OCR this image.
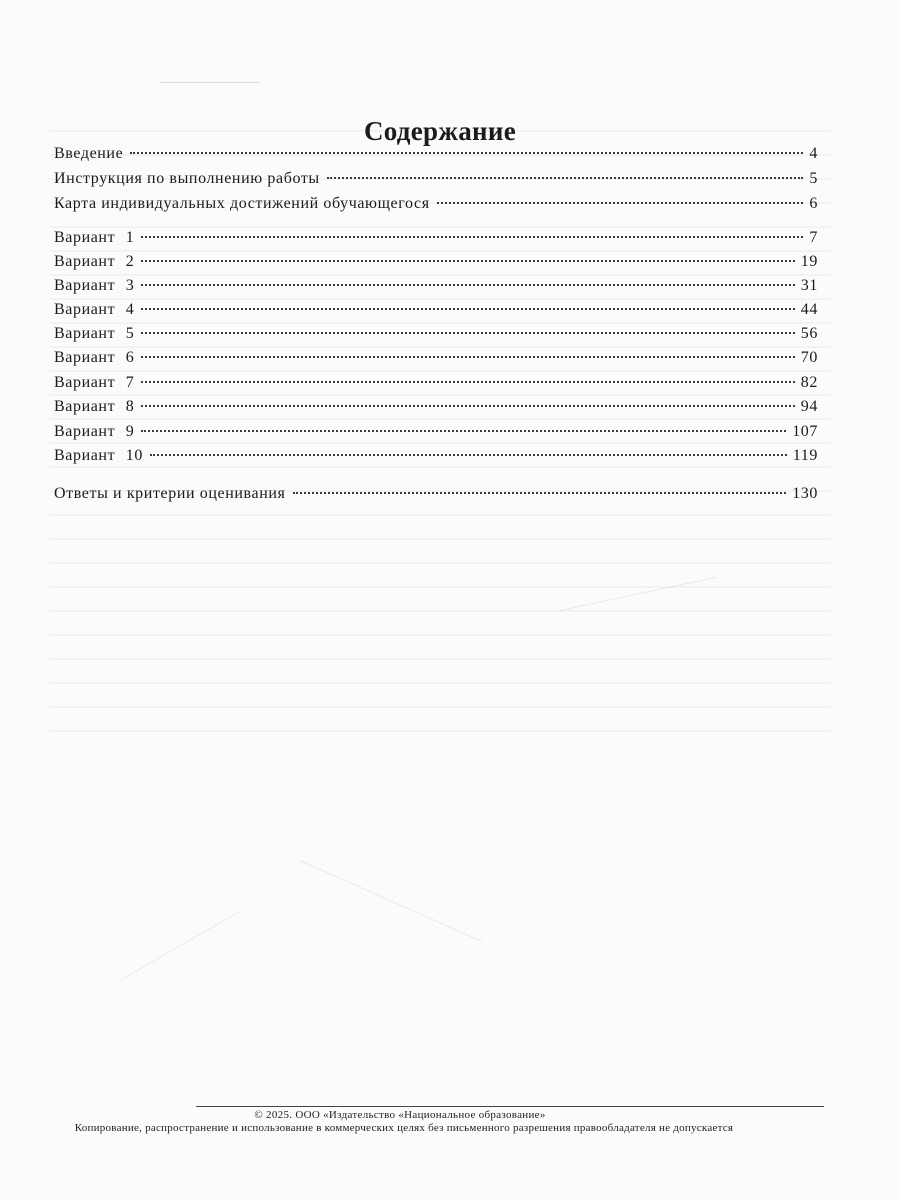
Содержание
Введение	4
Инструкция по выполнению работы	5
Карта индивидуальных достижений обучающегося	6
Вариант 1	7
Вариант 2	19
Вариант 3	31
Вариант 4	44
Вариант 5	56
Вариант 6	70
Вариант 7	82
Вариант 8	94
Вариант 9	107
Вариант 10	119
Ответы и критерии оценивания	130
© 2025. ООО «Издательство «Национальное образование»
Копирование, распространение и использование в коммерческих целях без письменного разрешения правообладателя не допускается
